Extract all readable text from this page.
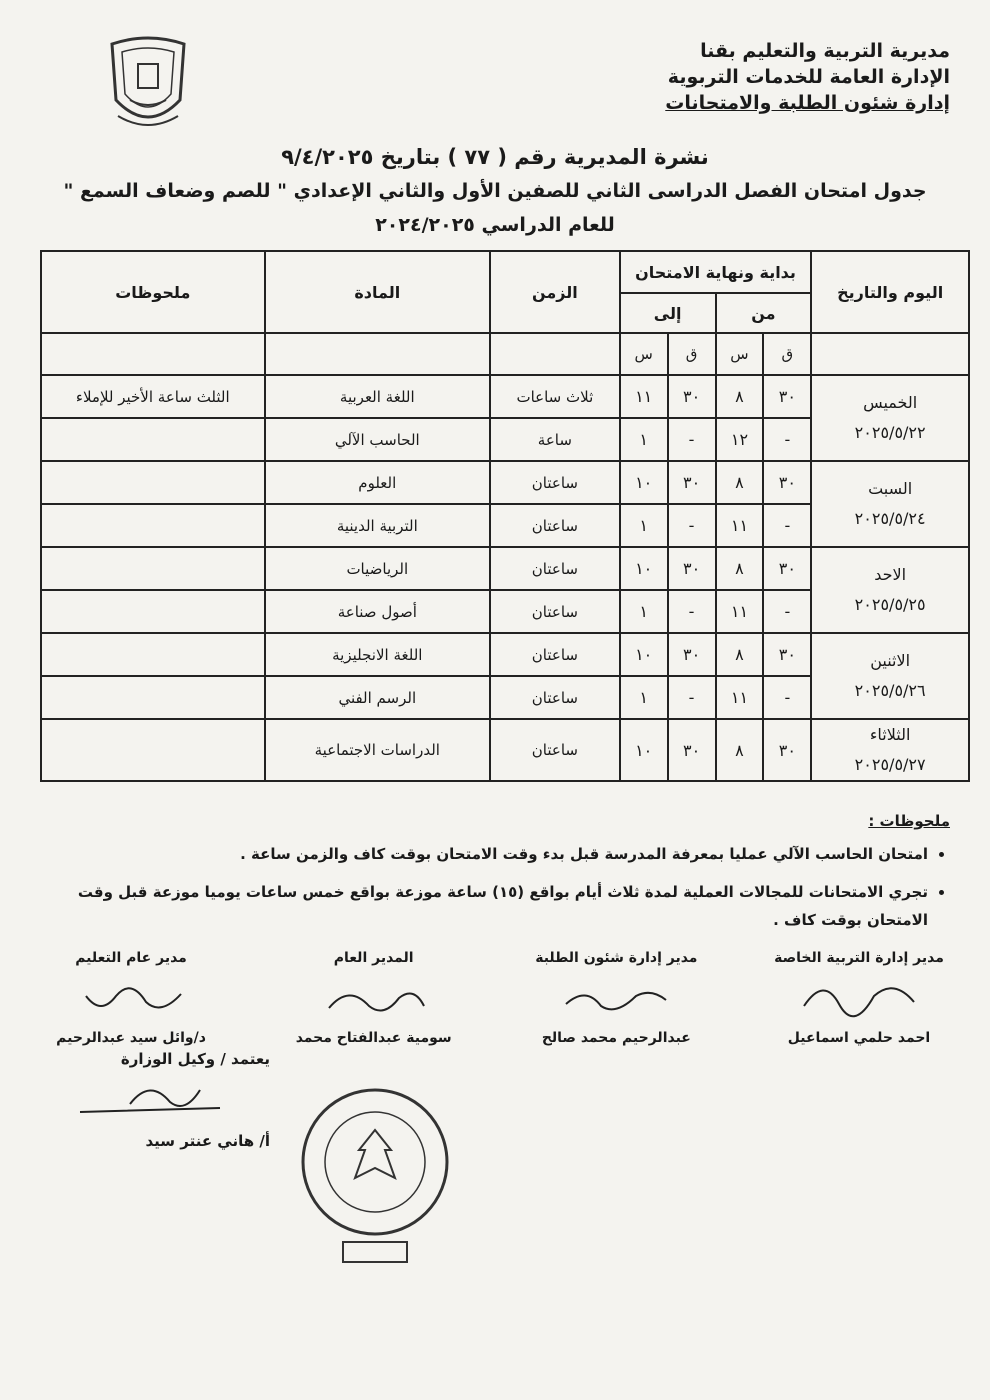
مديرية التربية والتعليم بقنا
الإدارة العامة للخدمات التربوية
إدارة شئون الطلبة والامتحانات
نشرة المديرية رقم ( ٧٧ ) بتاريخ ٩/٤/٢٠٢٥
جدول امتحان الفصل الدراسى الثاني للصفين الأول والثاني الإعدادي " للصم وضعاف السمع "
للعام الدراسي ٢٠٢٤/٢٠٢٥
اليوم والتاريخ	بداية ونهاية الامتحان				الزمن	المادة	ملحوظات
	من		إلى				
	ق	س	ق	س			

الخميس
٢٠٢٥/٥/٢٢	٣٠	٨	٣٠	١١	ثلاث ساعات	اللغة العربية	الثلث ساعة الأخير للإملاء
	-	١٢	-	١	ساعة	الحاسب الآلي	

السبت
٢٠٢٥/٥/٢٤	٣٠	٨	٣٠	١٠	ساعتان	العلوم	
	-	١١	-	١	ساعتان	التربية الدينية	

الاحد
٢٠٢٥/٥/٢٥	٣٠	٨	٣٠	١٠	ساعتان	الرياضيات	
	-	١١	-	١	ساعتان	أصول صناعة	

الاثنين
٢٠٢٥/٥/٢٦	٣٠	٨	٣٠	١٠	ساعتان	اللغة الانجليزية	
	-	١١	-	١	ساعتان	الرسم الفني	

الثلاثاء
٢٠٢٥/٥/٢٧	٣٠	٨	٣٠	١٠	ساعتان	الدراسات الاجتماعية	
ملحوظات :
• امتحان الحاسب الآلي عمليا بمعرفة المدرسة قبل بدء وقت الامتحان بوقت كاف والزمن ساعة .
• تجري الامتحانات للمجالات العملية لمدة ثلاث أيام بواقع (١٥) ساعة موزعة بواقع خمس ساعات يوميا موزعة قبل وقت الامتحان بوقت كاف .
مدير إدارة التربية الخاصة
احمد حلمي اسماعيل
مدير إدارة شئون الطلبة
عبدالرحيم محمد صالح
المدير العام
سومية عبدالفتاح محمد
مدير عام التعليم
د/وائل سيد عبدالرحيم
يعتمد / وكيل الوزارة
أ/ هاني عنتر سيد
